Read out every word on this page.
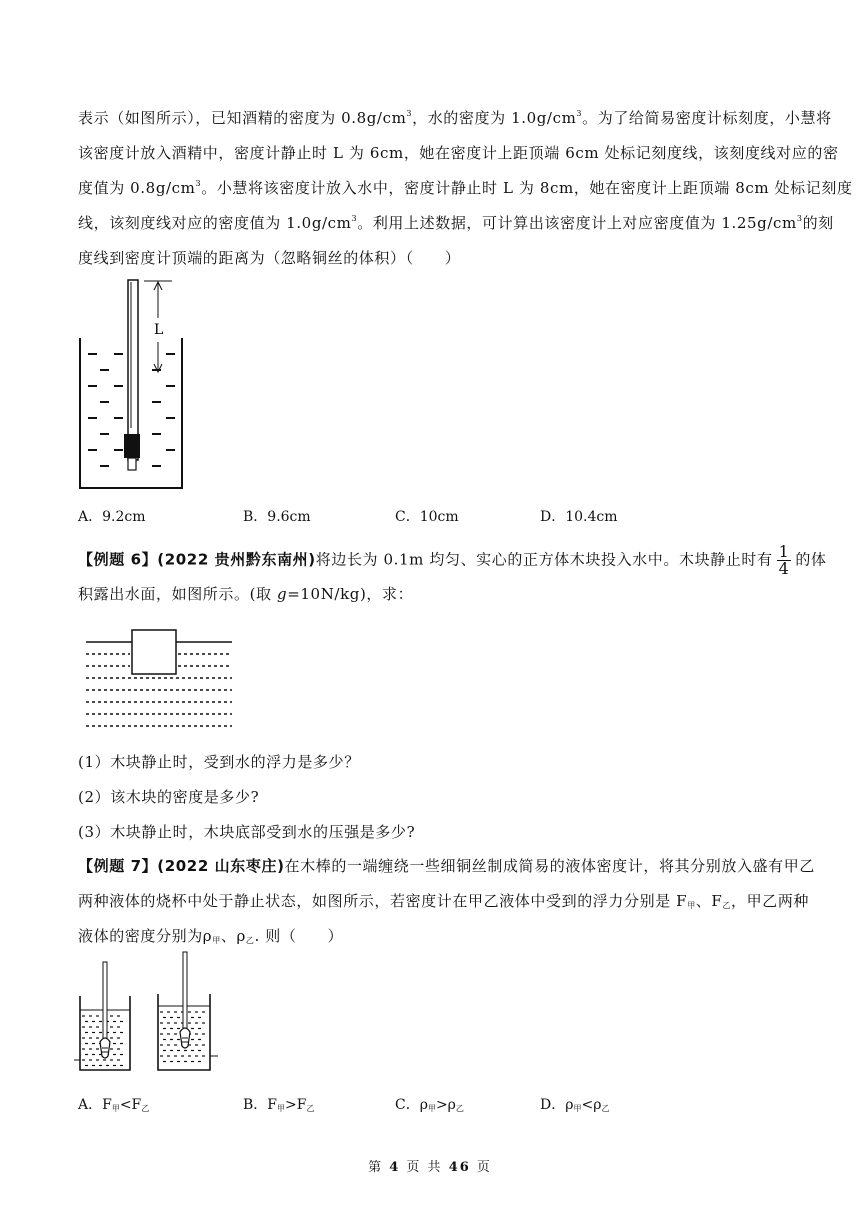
表示（如图所示），已知酒精的密度为 $0.8g/cm^3$，水的密度为 $1.0g/cm^3$。为了给简易密度计标刻度，小慧将
该密度计放入酒精中，密度计静止时 L 为 6cm，她在密度计上距顶端 6cm 处标记刻度线，该刻度线对应的密
度值为 $0.8g/cm^3$。小慧将该密度计放入水中，密度计静止时 L 为 8cm，她在密度计上距顶端 8cm 处标记刻度
线，该刻度线对应的密度值为 $1.0g/cm^3$。利用上述数据，可计算出该密度计上对应密度值为 $1.25g/cm^3$的刻
度线到密度计顶端的距离为（忽略铜丝的体积）（　　）
L
A．9.2cm	B．9.6cm	C．10cm	D．10.4cm
【例题 6】(2022 贵州黔东南州)将边长为 0.1m 均匀、实心的正方体木块投入水中。木块静止时有 $\frac{1}{4}$ 的体
积露出水面，如图所示。(取 g=10N/kg)，求：
(1）木块静止时，受到水的浮力是多少？
(2）该木块的密度是多少?
(3）木块静止时，木块底部受到水的压强是多少?
【例题 7】(2022 山东枣庄)在木棒的一端缠绕一些细铜丝制成简易的液体密度计，将其分别放入盛有甲乙
两种液体的烧杯中处于静止状态，如图所示，若密度计在甲乙液体中受到的浮力分别是 $F_甲$、$F_乙$，甲乙两种
液体的密度分别为$\rho_甲$、$\rho_乙$. 则（　　）
A．$F_甲<F_乙$	B．$F_甲>F_乙$	C．$\rho_甲>\rho_乙$	D．$\rho_甲<\rho_乙$
第 4 页 共 46 页
